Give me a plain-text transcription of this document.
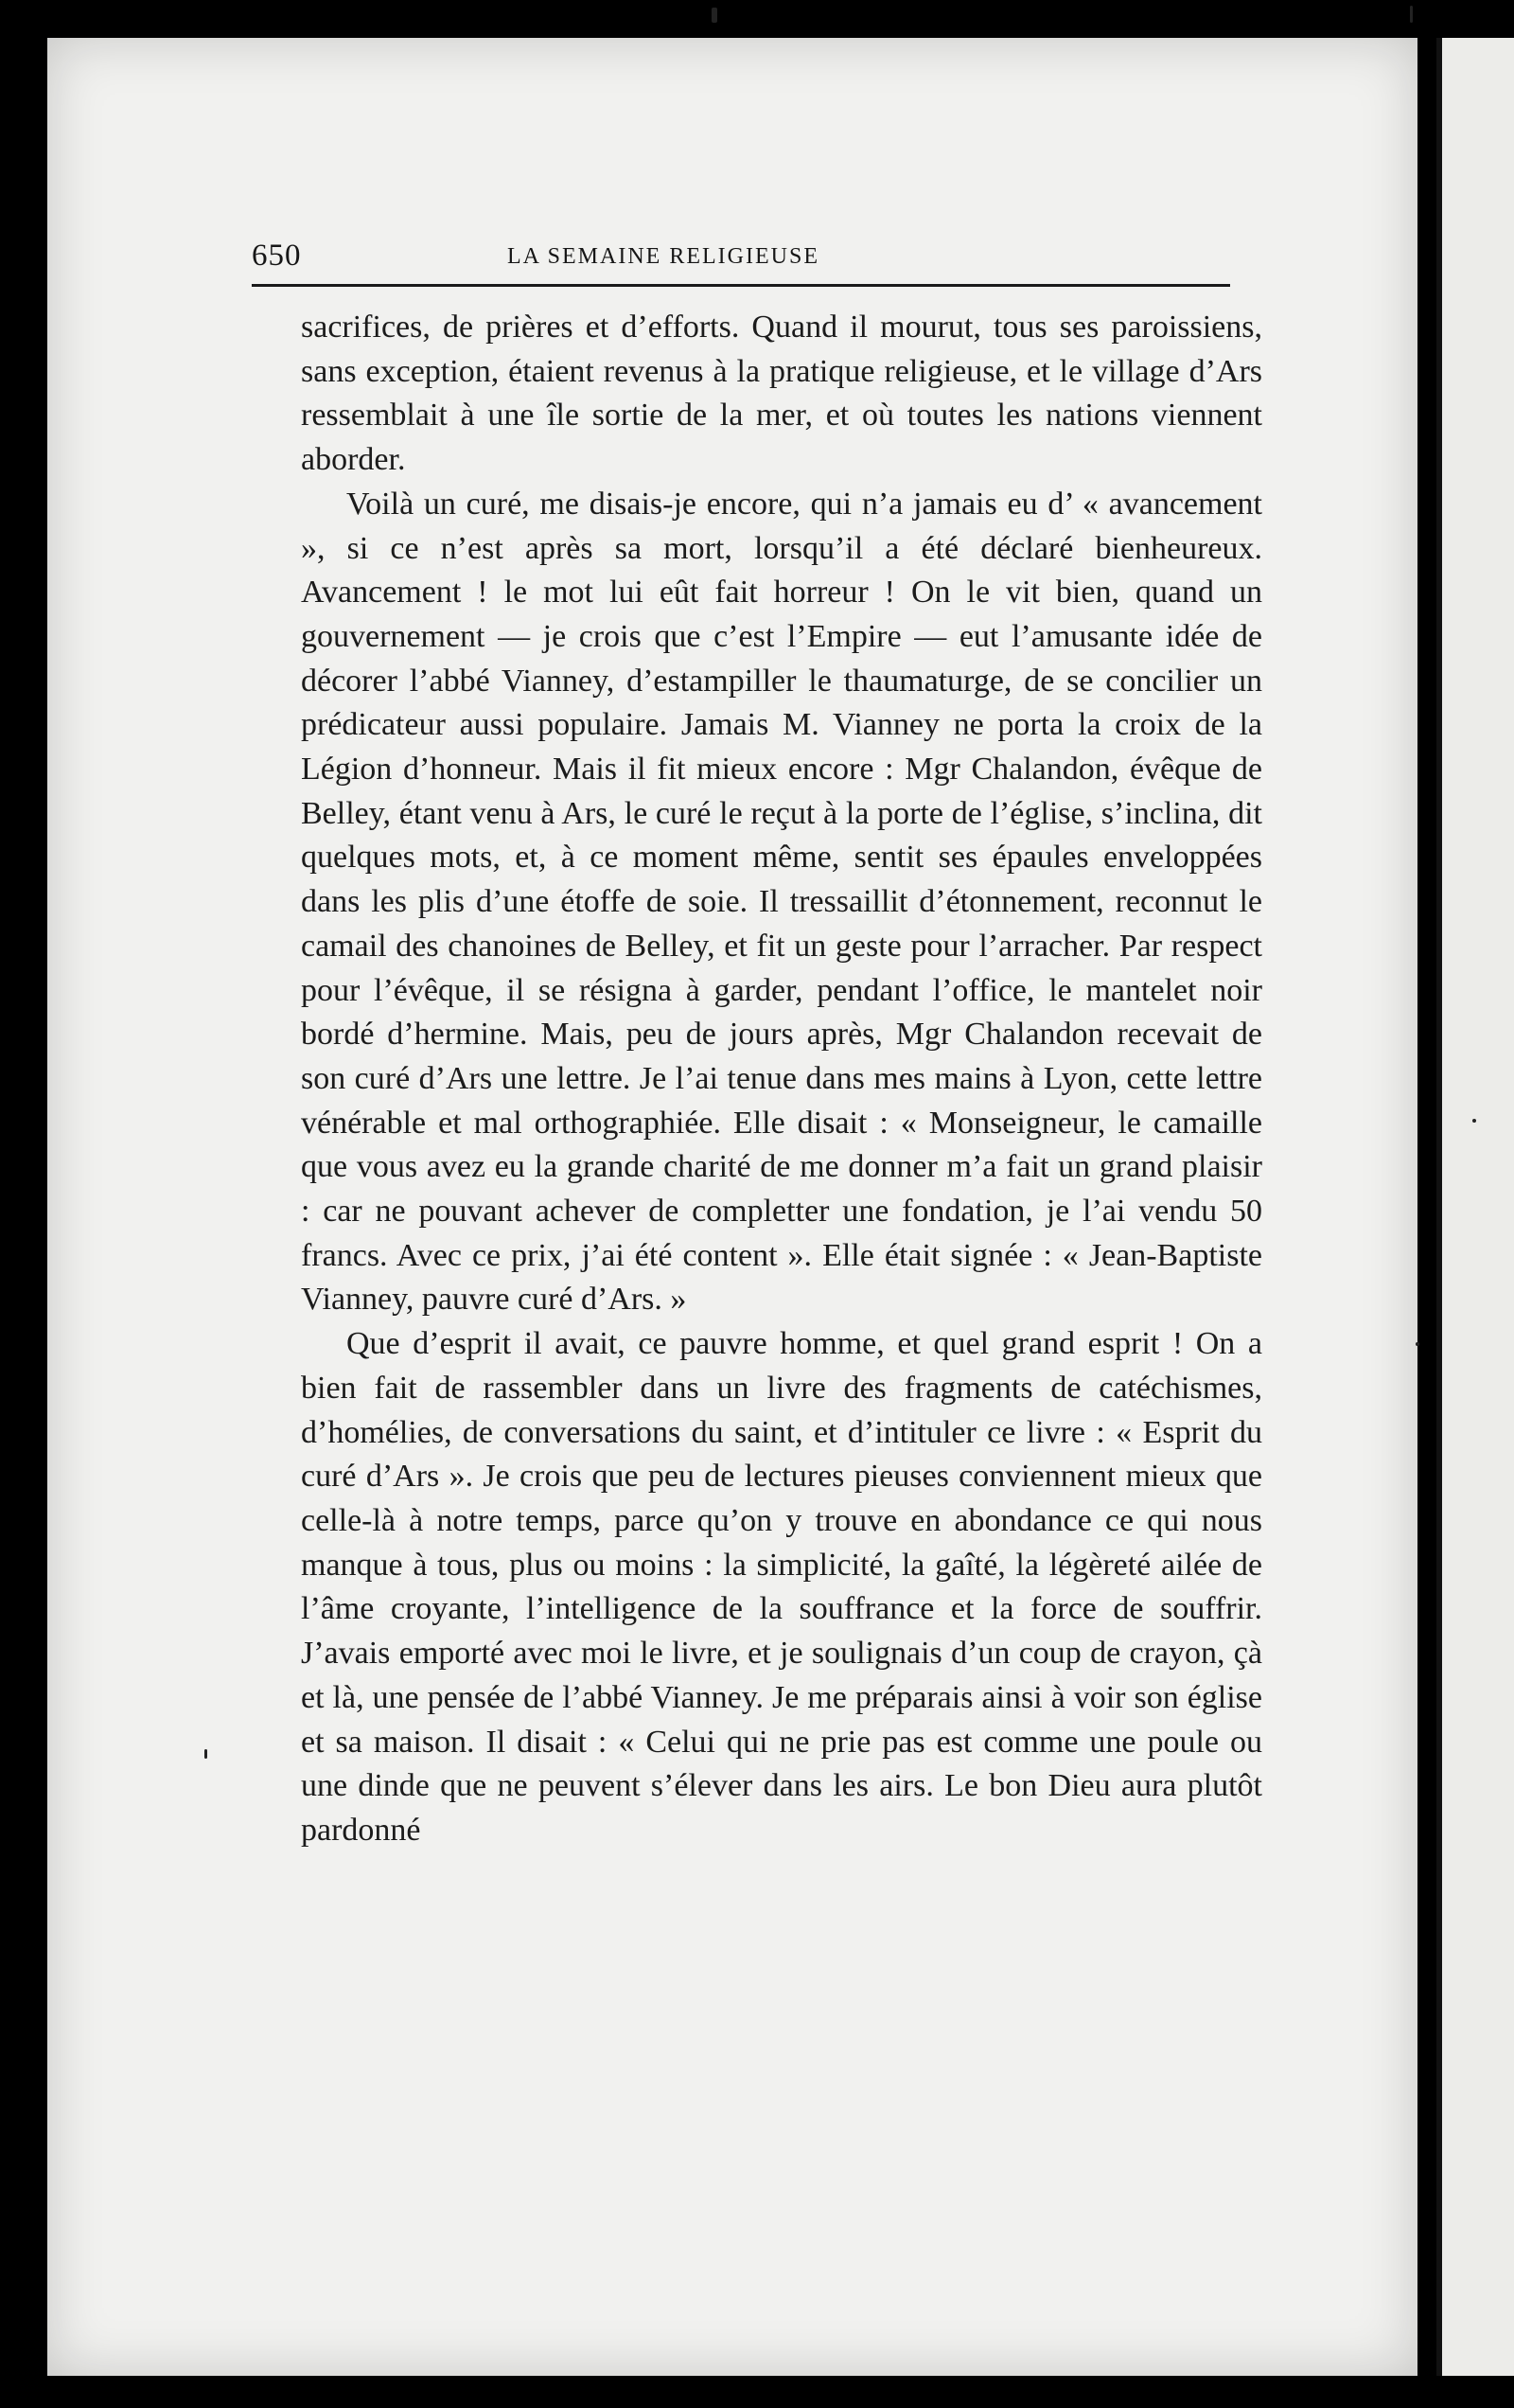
650	LA SEMAINE RELIGIEUSE

sacrifices, de prières et d’efforts. Quand il mourut, tous ses paroissiens, sans exception, étaient revenus à la pratique religieuse, et le village d’Ars ressemblait à une île sortie de la mer, et où toutes les nations viennent aborder.

Voilà un curé, me disais-je encore, qui n’a jamais eu d’ « avancement », si ce n’est après sa mort, lorsqu’il a été déclaré bienheureux. Avancement ! le mot lui eût fait horreur ! On le vit bien, quand un gouvernement — je crois que c’est l’Empire — eut l’amusante idée de décorer l’abbé Vianney, d’estampiller le thaumaturge, de se concilier un prédicateur aussi populaire. Jamais M. Vianney ne porta la croix de la Légion d’honneur. Mais il fit mieux encore : Mgr Chalandon, évêque de Belley, étant venu à Ars, le curé le reçut à la porte de l’église, s’inclina, dit quelques mots, et, à ce moment même, sentit ses épaules enveloppées dans les plis d’une étoffe de soie. Il tressaillit d’étonnement, reconnut le camail des chanoines de Belley, et fit un geste pour l’arracher. Par respect pour l’évêque, il se résigna à garder, pendant l’office, le mantelet noir bordé d’hermine. Mais, peu de jours après, Mgr Chalandon recevait de son curé d’Ars une lettre. Je l’ai tenue dans mes mains à Lyon, cette lettre vénérable et mal orthographiée. Elle disait : « Monseigneur, le camaille que vous avez eu la grande charité de me donner m’a fait un grand plaisir : car ne pouvant achever de completter une fondation, je l’ai vendu 50 francs. Avec ce prix, j’ai été content ». Elle était signée : « Jean-Baptiste Vianney, pauvre curé d’Ars. »

Que d’esprit il avait, ce pauvre homme, et quel grand esprit ! On a bien fait de rassembler dans un livre des fragments de catéchismes, d’homélies, de conversations du saint, et d’intituler ce livre : « Esprit du curé d’Ars ». Je crois que peu de lectures pieuses conviennent mieux que celle-là à notre temps, parce qu’on y trouve en abondance ce qui nous manque à tous, plus ou moins : la simplicité, la gaîté, la légèreté ailée de l’âme croyante, l’intelligence de la souffrance et la force de souffrir. J’avais emporté avec moi le livre, et je soulignais d’un coup de crayon, çà et là, une pensée de l’abbé Vianney. Je me préparais ainsi à voir son église et sa maison. Il disait : « Celui qui ne prie pas est comme une poule ou une dinde que ne peuvent s’élever dans les airs. Le bon Dieu aura plutôt pardonné
